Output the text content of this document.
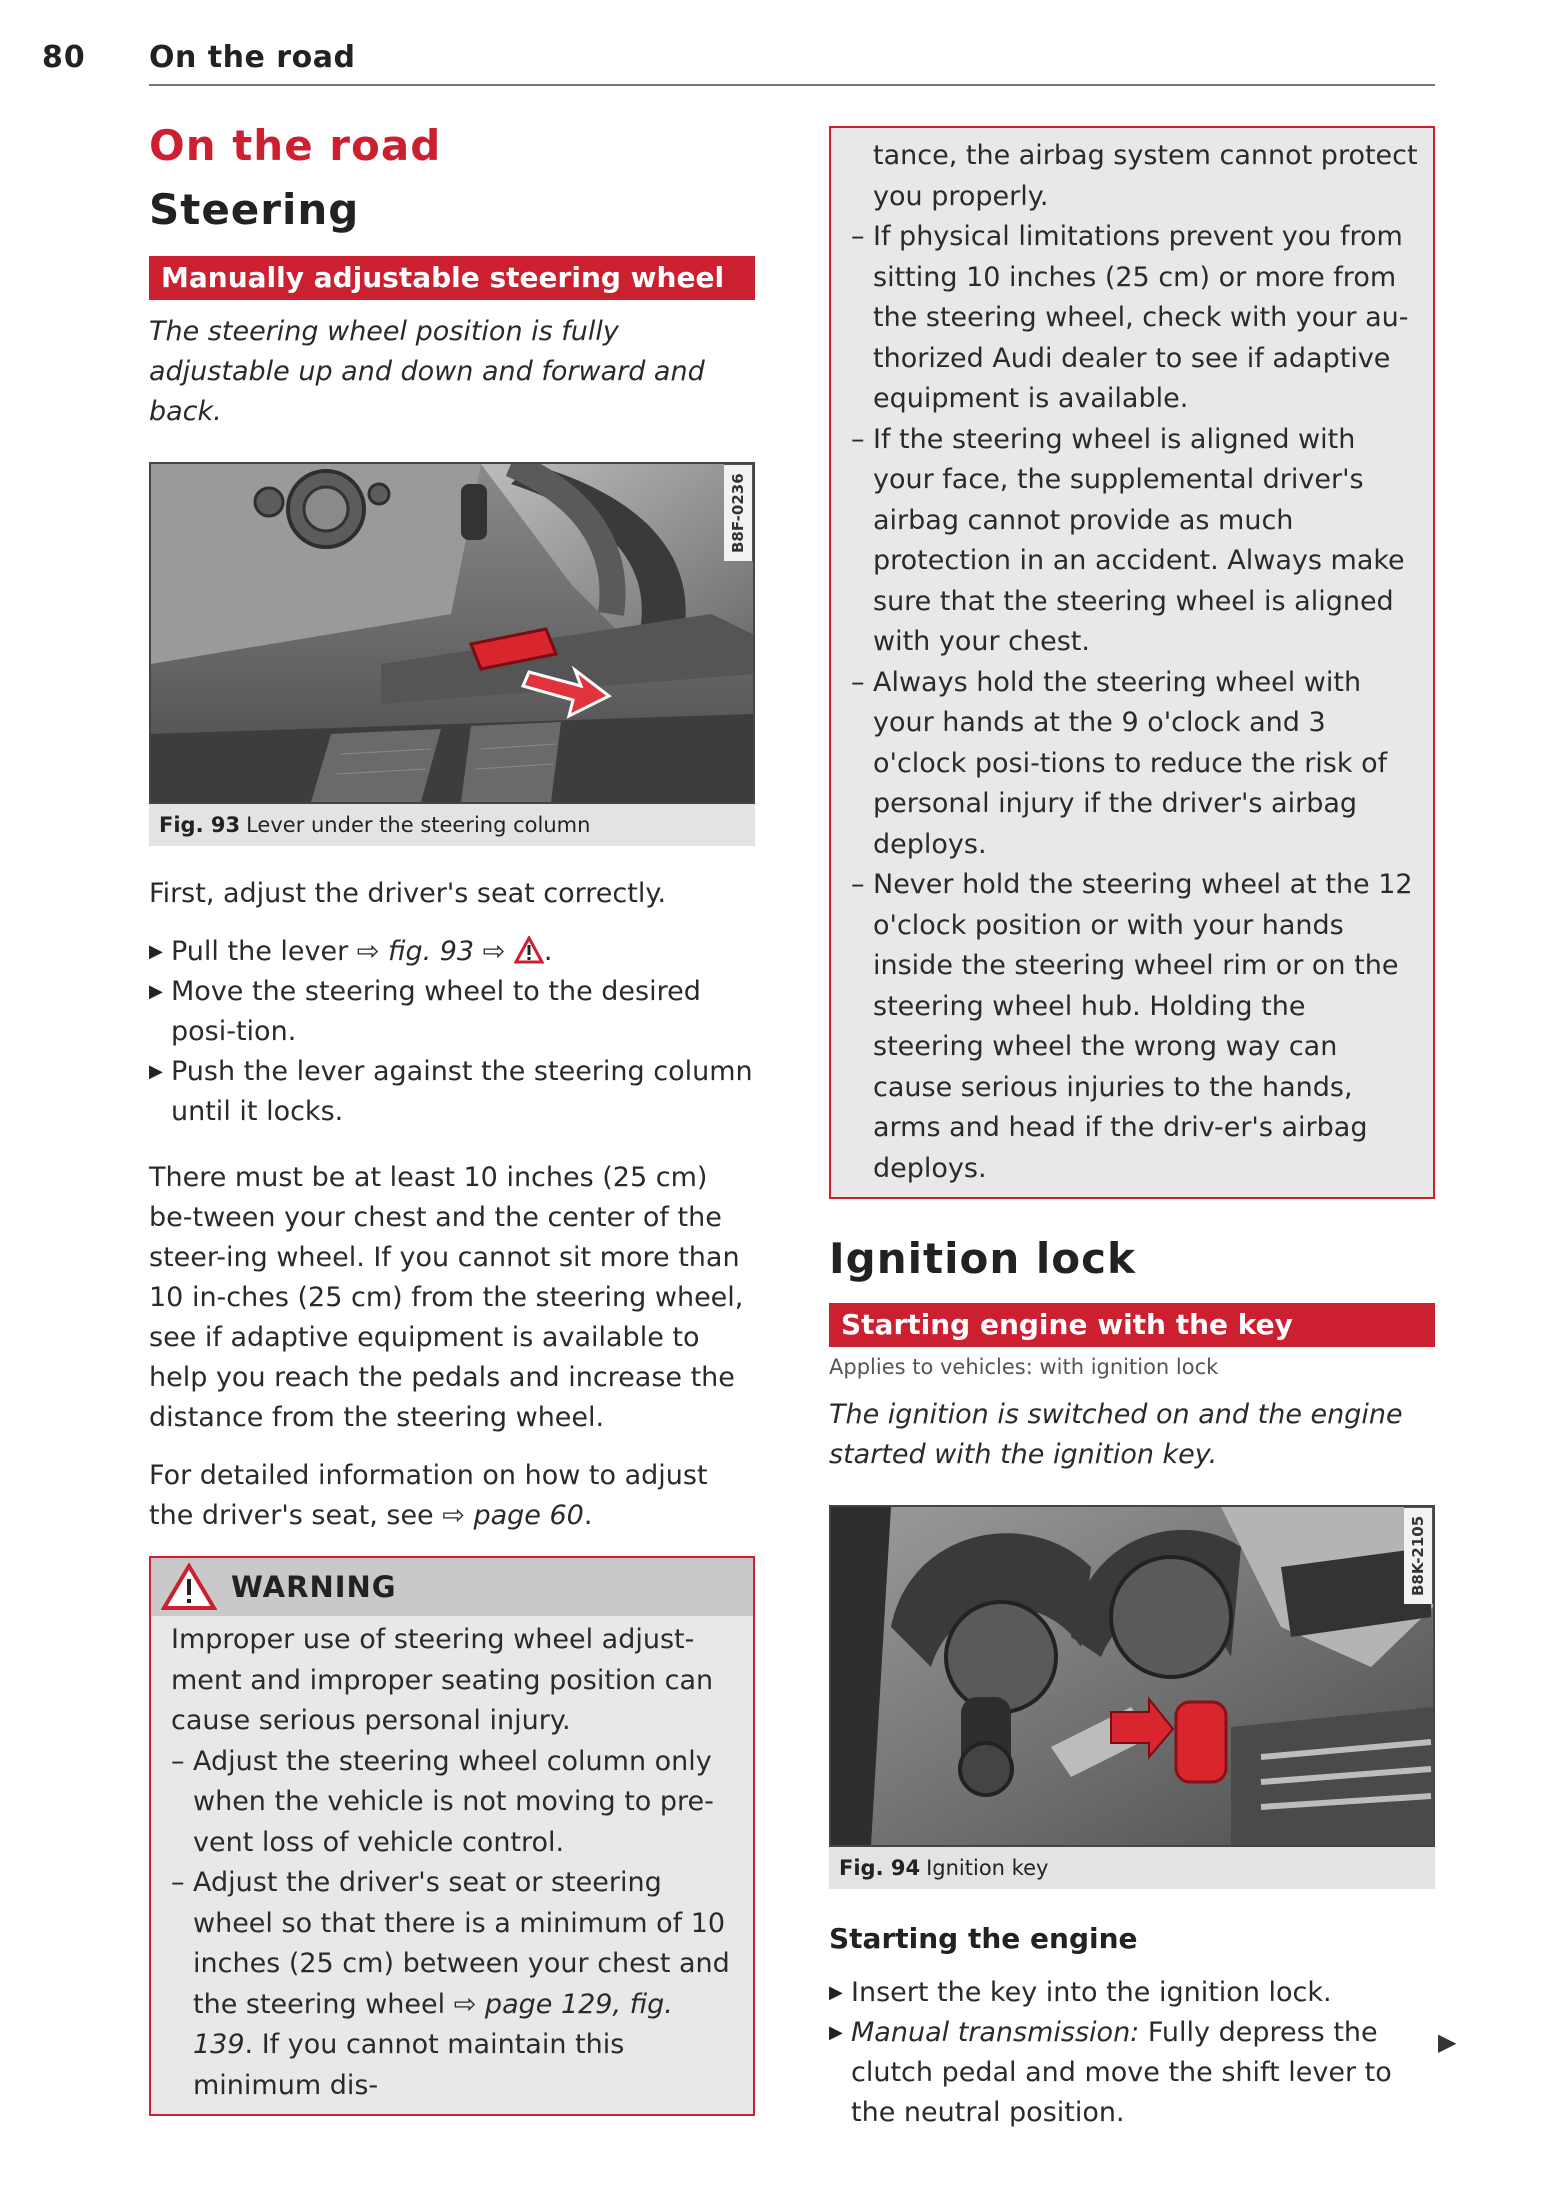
80 On the road
On the road
Steering
Manually adjustable steering wheel

The steering wheel position is fully adjustable up and down and forward and back.

B8F-0236
Fig. 93 Lever under the steering column

First, adjust the driver's seat correctly.

▶ Pull the lever ⇨ fig. 93 ⇨ .
▶ Move the steering wheel to the desired posi-tion.
▶ Push the lever against the steering column until it locks.

There must be at least 10 inches (25 cm) be-tween your chest and the center of the steer-ing wheel. If you cannot sit more than 10 in-ches (25 cm) from the steering wheel, see if adaptive equipment is available to help you reach the pedals and increase the distance from the steering wheel.

For detailed information on how to adjust the driver's seat, see ⇨ page 60.

WARNING

Improper use of steering wheel adjust-ment and improper seating position can cause serious personal injury.

– Adjust the steering wheel column only when the vehicle is not moving to pre-vent loss of vehicle control.
– Adjust the driver's seat or steering wheel so that there is a minimum of 10 inches (25 cm) between your chest and the steering wheel ⇨ page 129, fig. 139. If you cannot maintain this minimum dis-
tance, the airbag system cannot protect you properly.
– If physical limitations prevent you from sitting 10 inches (25 cm) or more from the steering wheel, check with your au-thorized Audi dealer to see if adaptive equipment is available.
– If the steering wheel is aligned with your face, the supplemental driver's airbag cannot provide as much protection in an accident. Always make sure that the steering wheel is aligned with your chest.
– Always hold the steering wheel with your hands at the 9 o'clock and 3 o'clock posi-tions to reduce the risk of personal injury if the driver's airbag deploys.
– Never hold the steering wheel at the 12 o'clock position or with your hands inside the steering wheel rim or on the steering wheel hub. Holding the steering wheel the wrong way can cause serious injuries to the hands, arms and head if the driv-er's airbag deploys.
Ignition lock
Starting engine with the key
Applies to vehicles: with ignition lock

The ignition is switched on and the engine started with the ignition key.

B8K-2105
Fig. 94 Ignition key
Starting the engine
▶ Insert the key into the ignition lock.
▶ Manual transmission: Fully depress the clutch pedal and move the shift lever to the neutral position.
▶
